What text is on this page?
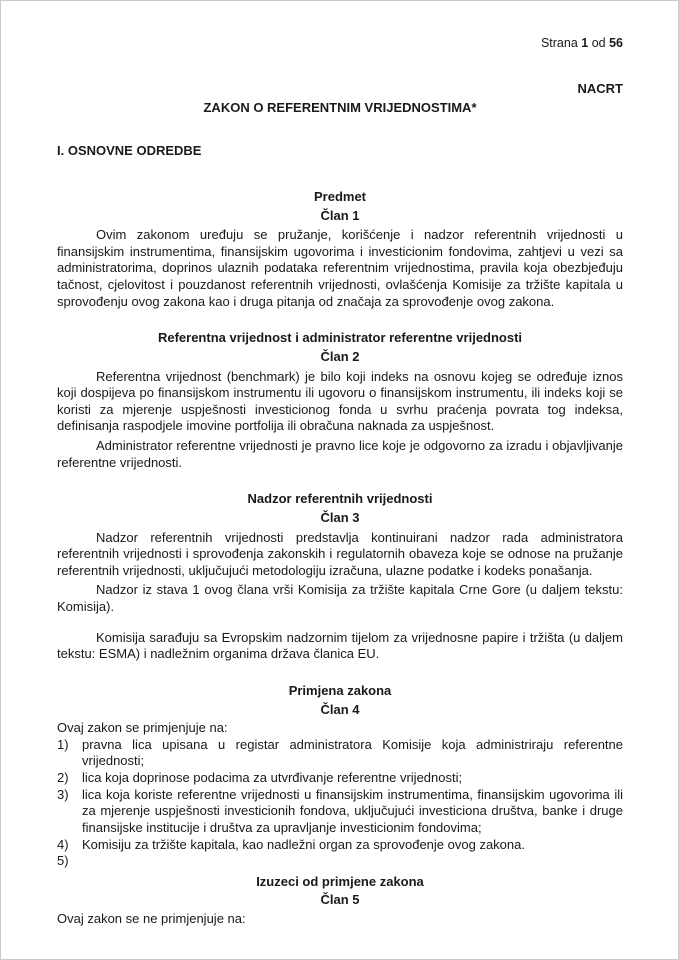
Strana 1 od 56
NACRT
ZAKON O REFERENTNIM VRIJEDNOSTIMA*
I. OSNOVNE ODREDBE
Predmet
Član 1

Ovim zakonom uređuju se pružanje, korišćenje i nadzor referentnih vrijednosti u finansijskim instrumentima, finansijskim ugovorima i investicionim fondovima, zahtjevi u vezi sa administratorima, doprinos ulaznih podataka referentnim vrijednostima, pravila koja obezbjeđuju tačnost, cjelovitost i pouzdanost referentnih vrijednosti, ovlašćenja Komisije za tržište kapitala u sprovođenju ovog zakona kao i druga pitanja od značaja za sprovođenje ovog zakona.

Referentna vrijednost i administrator referentne vrijednosti
Član 2

Referentna vrijednost (benchmark) je bilo koji indeks na osnovu kojeg se određuje iznos koji dospijeva po finansijskom instrumentu ili ugovoru o finansijskom instrumentu, ili indeks koji se koristi za mjerenje uspješnosti investicionog fonda u svrhu praćenja povrata tog indeksa, definisanja raspodjele imovine portfolija ili obračuna naknada za uspješnost.

Administrator referentne vrijednosti je pravno lice koje je odgovorno za izradu i objavljivanje referentne vrijednosti.

Nadzor referentnih vrijednosti
Član 3

Nadzor referentnih vrijednosti predstavlja kontinuirani nadzor rada administratora referentnih vrijednosti i sprovođenja zakonskih i regulatornih obaveza koje se odnose na pružanje referentnih vrijednosti, uključujući metodologiju izračuna, ulazne podatke i kodeks ponašanja.

Nadzor iz stava 1 ovog člana vrši Komisija za tržište kapitala Crne Gore (u daljem tekstu: Komisija).

Komisija sarađuju sa Evropskim nadzornim tijelom za vrijednosne papire i tržišta (u daljem tekstu: ESMA) i nadležnim organima država članica EU.

Primjena zakona
Član 4

Ovaj zakon se primjenjuje na:

1)	pravna lica upisana u registar administratora Komisije koja administriraju referentne vrijednosti;
2)	lica koja doprinose podacima za utvrđivanje referentne vrijednosti;
3)	lica koja koriste referentne vrijednosti u finansijskim instrumentima, finansijskim ugovorima ili za mjerenje uspješnosti investicionih fondova, uključujući investiciona društva, banke i druge finansijske institucije i društva za upravljanje investicionim fondovima;
4)	Komisiju za tržište kapitala, kao nadležni organ za sprovođenje ovog zakona.
5)
Izuzeci od primjene zakona
Član 5

Ovaj zakon se ne primjenjuje na:
